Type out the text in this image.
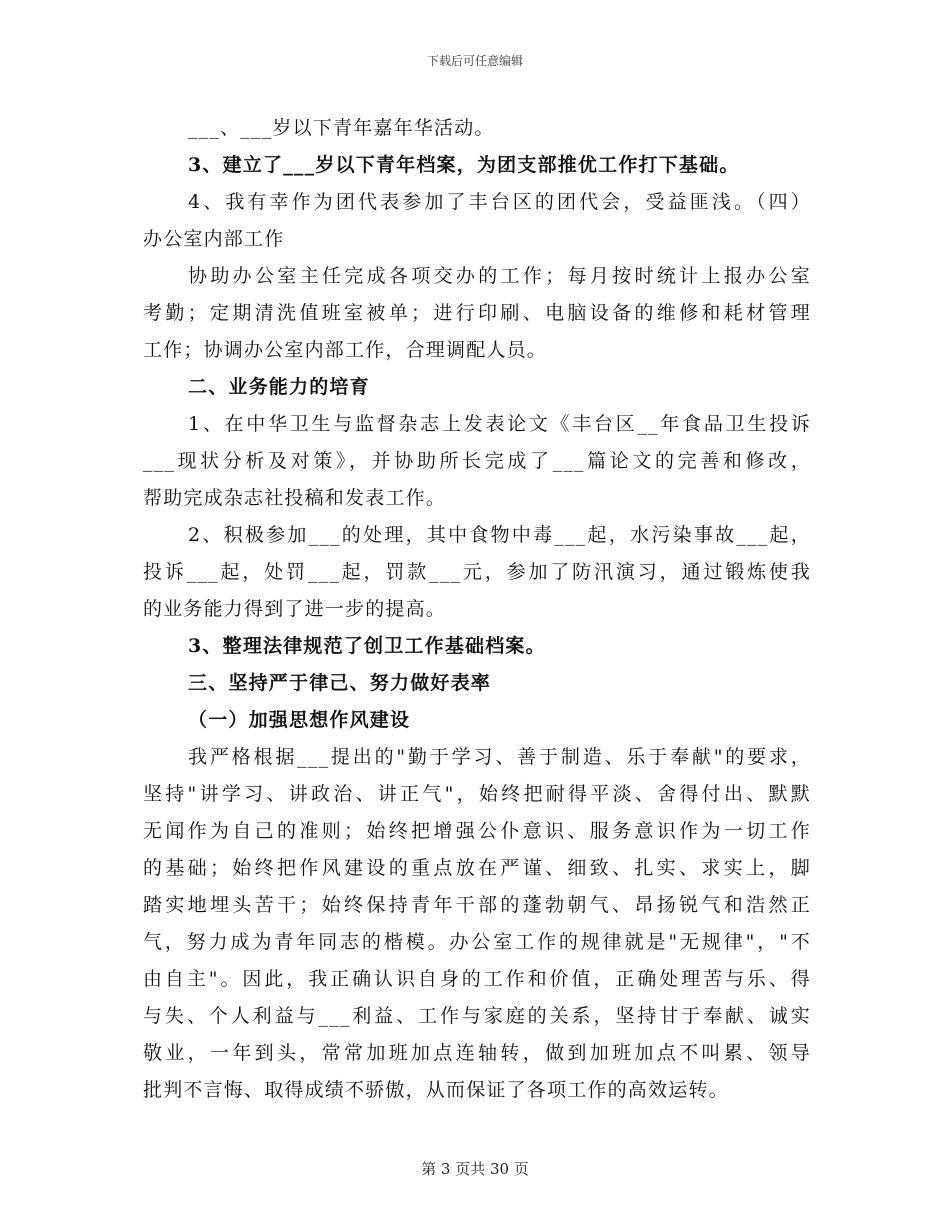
下载后可任意编辑
___、___岁以下青年嘉年华活动。
3、建立了___岁以下青年档案，为团支部推优工作打下基础。
4、我有幸作为团代表参加了丰台区的团代会，受益匪浅。（四）
办公室内部工作
协助办公室主任完成各项交办的工作；每月按时统计上报办公室
考勤；定期清洗值班室被单；进行印刷、电脑设备的维修和耗材管理
工作；协调办公室内部工作，合理调配人员。
二、业务能力的培育
1、在中华卫生与监督杂志上发表论文《丰台区__年食品卫生投诉
___现状分析及对策》，并协助所长完成了___篇论文的完善和修改，
帮助完成杂志社投稿和发表工作。
2、积极参加___的处理，其中食物中毒___起，水污染事故___起，
投诉___起，处罚___起，罚款___元，参加了防汛演习，通过锻炼使我
的业务能力得到了进一步的提高。
3、整理法律规范了创卫工作基础档案。
三、坚持严于律己、努力做好表率
（一）加强思想作风建设
我严格根据___提出的"勤于学习、善于制造、乐于奉献"的要求，
坚持"讲学习、讲政治、讲正气"，始终把耐得平淡、舍得付出、默默
无闻作为自己的准则；始终把增强公仆意识、服务意识作为一切工作
的基础；始终把作风建设的重点放在严谨、细致、扎实、求实上，脚
踏实地埋头苦干；始终保持青年干部的蓬勃朝气、昂扬锐气和浩然正
气，努力成为青年同志的楷模。办公室工作的规律就是"无规律"，"不
由自主"。因此，我正确认识自身的工作和价值，正确处理苦与乐、得
与失、个人利益与___利益、工作与家庭的关系，坚持甘于奉献、诚实
敬业，一年到头，常常加班加点连轴转，做到加班加点不叫累、领导
批判不言悔、取得成绩不骄傲，从而保证了各项工作的高效运转。
第 3 页共 30 页
